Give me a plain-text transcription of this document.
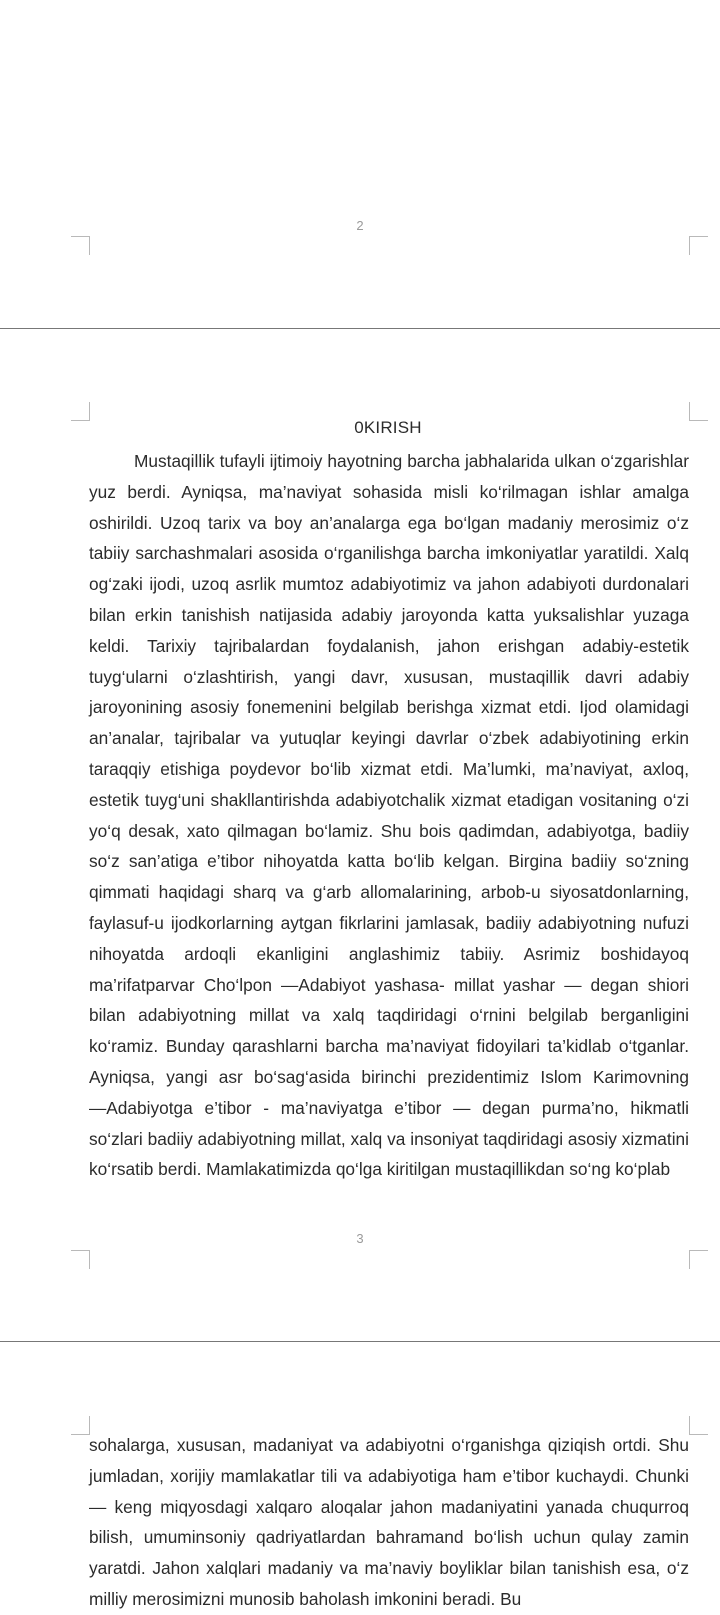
2
0KIRISH

Mustaqillik tufayli ijtimoiy hayotning barcha jabhalarida ulkan o‘zgarishlar yuz berdi. Ayniqsa, ma’naviyat sohasida misli ko‘rilmagan ishlar amalga oshirildi. Uzoq tarix va boy an’analarga ega bo‘lgan madaniy merosimiz o‘z tabiiy sarchashmalari asosida o‘rganilishga barcha imkoniyatlar yaratildi. Xalq og‘zaki ijodi, uzoq asrlik mumtoz adabiyotimiz va jahon adabiyoti durdonalari bilan erkin tanishish natijasida adabiy jaroyonda katta yuksalishlar yuzaga keldi. Tarixiy tajribalardan foydalanish, jahon erishgan adabiy-estetik tuyg‘ularni o‘zlashtirish, yangi davr, xususan, mustaqillik davri adabiy jaroyonining asosiy fonemenini belgilab berishga xizmat etdi. Ijod olamidagi an’analar, tajribalar va yutuqlar keyingi davrlar o‘zbek adabiyotining erkin taraqqiy etishiga poydevor bo‘lib xizmat etdi. Ma’lumki, ma’naviyat, axloq, estetik tuyg‘uni shakllantirishda adabiyotchalik xizmat etadigan vositaning o‘zi yo‘q desak, xato qilmagan bo‘lamiz. Shu bois qadimdan, adabiyotga, badiiy so‘z san’atiga e’tibor nihoyatda katta bo‘lib kelgan. Birgina badiiy so‘zning qimmati haqidagi sharq va g‘arb allomalarining, arbob-u siyosatdonlarning, faylasuf-u ijodkorlarning aytgan fikrlarini jamlasak, badiiy adabiyotning nufuzi nihoyatda ardoqli ekanligini anglashimiz tabiiy. Asrimiz boshidayoq ma’rifatparvar Cho‘lpon ―Adabiyot yashasa- millat yashar ― degan shiori bilan adabiyotning millat va xalq taqdiridagi o‘rnini belgilab berganligini ko‘ramiz. Bunday qarashlarni barcha ma’naviyat fidoyilari ta’kidlab o‘tganlar. Ayniqsa, yangi asr bo‘sag‘asida birinchi prezidentimiz Islom Karimovning ―Adabiyotga e’tibor - ma’naviyatga e’tibor ― degan purma’no, hikmatli so‘zlari badiiy adabiyotning millat, xalq va insoniyat taqdiridagi asosiy xizmatini ko‘rsatib berdi. Mamlakatimizda qo‘lga kiritilgan mustaqillikdan so‘ng ko‘plab

3

sohalarga, xususan, madaniyat va adabiyotni o‘rganishga qiziqish ortdi. Shu jumladan, xorijiy mamlakatlar tili va adabiyotiga ham e’tibor kuchaydi. Chunki ― keng miqyosdagi xalqaro aloqalar jahon madaniyatini yanada chuqurroq bilish, umuminsoniy qadriyatlardan bahramand bo‘lish uchun qulay zamin yaratdi. Jahon xalqlari madaniy va ma’naviy boyliklar bilan tanishish esa, o‘z milliy merosimizni munosib baholash imkonini beradi. Bu
